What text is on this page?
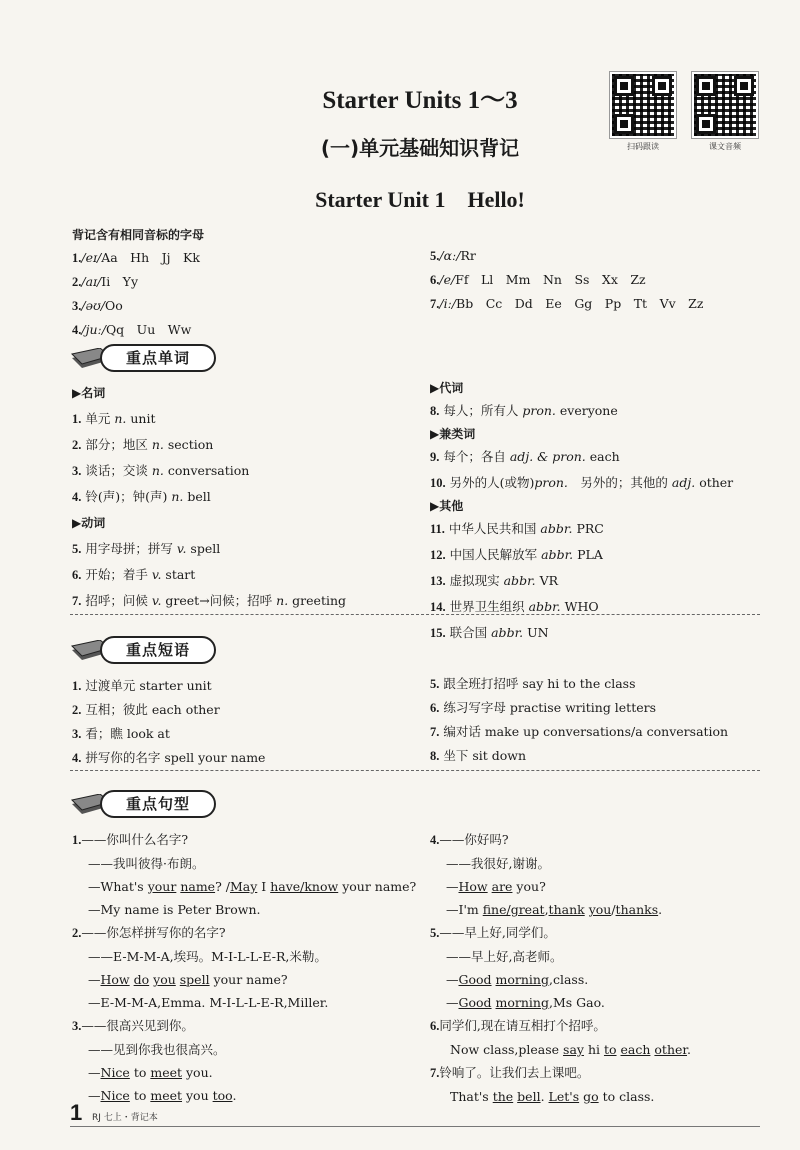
Starter Units 1～3
(一)单元基础知识背记
Starter Unit 1　Hello!
扫码跟读	课文音频
背记含有相同音标的字母
1./eɪ/Aa　Hh　Jj　Kk
2./aɪ/Ii　Yy
3./əʊ/Oo
4./juː/Qq　Uu　Ww
5./ɑː/Rr
6./e/Ff　Ll　Mm　Nn　Ss　Xx　Zz
7./iː/Bb　Cc　Dd　Ee　Gg　Pp　Tt　Vv　Zz
重点单词
▶名词
1. 单元 n. unit
2. 部分；地区 n. section
3. 谈话；交谈 n. conversation
4. 铃(声)；钟(声) n. bell
▶动词
5. 用字母拼；拼写 v. spell
6. 开始；着手 v. start
7. 招呼；问候 v. greet→问候；招呼 n. greeting
▶代词
8. 每人；所有人 pron. everyone
▶兼类词
9. 每个；各自 adj. & pron. each
10. 另外的人(或物)pron.　另外的；其他的 adj. other
▶其他
11. 中华人民共和国 abbr. PRC
12. 中国人民解放军 abbr. PLA
13. 虚拟现实 abbr. VR
14. 世界卫生组织 abbr. WHO
15. 联合国 abbr. UN
重点短语
1. 过渡单元 starter unit
2. 互相；彼此 each other
3. 看；瞧 look at
4. 拼写你的名字 spell your name
5. 跟全班打招呼 say hi to the class
6. 练习写字母 practise writing letters
7. 编对话 make up conversations/a conversation
8. 坐下 sit down
重点句型
1.——你叫什么名字?
——我叫彼得·布朗。
—What's your name? /May I have/know your name?
—My name is Peter Brown.
2.——你怎样拼写你的名字?
——E-M-M-A,埃玛。M-I-L-L-E-R,米勒。
—How do you spell your name?
—E-M-M-A,Emma. M-I-L-L-E-R,Miller.
3.——很高兴见到你。
——见到你我也很高兴。
—Nice to meet you.
—Nice to meet you too.
4.——你好吗?
——我很好,谢谢。
—How are you?
—I'm fine/great,thank you/thanks.
5.——早上好,同学们。
——早上好,高老师。
—Good morning,class.
—Good morning,Ms Gao.
6.同学们,现在请互相打个招呼。
Now class,please say hi to each other.
7.铃响了。让我们去上课吧。
That's the bell. Let's go to class.
1 RJ 七上・背记本
